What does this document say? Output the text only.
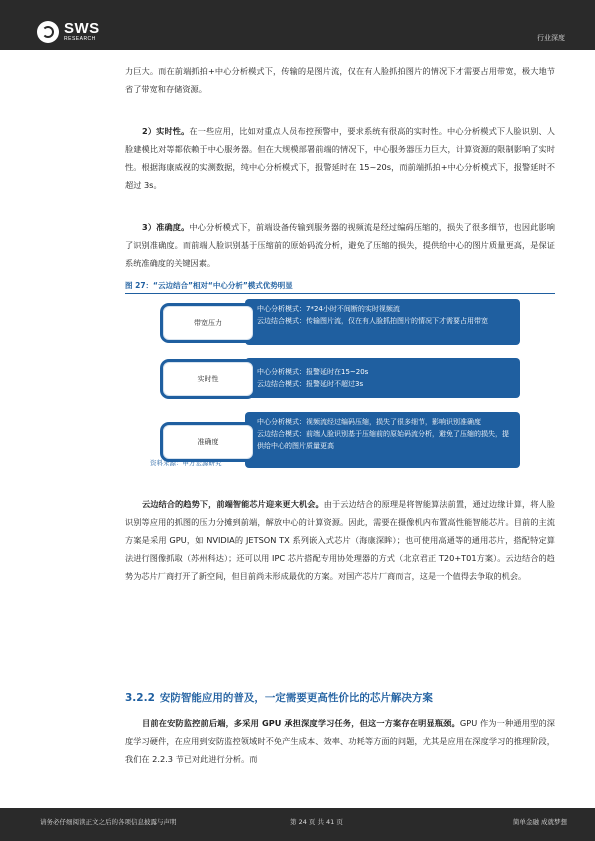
SWS
RESEARCH	行业深度

力巨大。而在前端抓拍+中心分析模式下，传输的是图片流，仅在有人脸抓拍图片的情况下才需要占用带宽，极大地节省了带宽和存储资源。

2）实时性。在一些应用，比如对重点人员布控预警中，要求系统有很高的实时性。中心分析模式下人脸识别、人脸建模比对等都依赖于中心服务器。但在大规模部署前端的情况下，中心服务器压力巨大，计算资源的限制影响了实时性。根据海康威视的实测数据，纯中心分析模式下，报警延时在 15~20s，而前端抓拍+中心分析模式下，报警延时不超过 3s。

3）准确度。中心分析模式下，前端设备传输到服务器的视频流是经过编码压缩的，损失了很多细节，也因此影响了识别准确度。而前端人脸识别基于压缩前的原始码流分析，避免了压缩的损失，提供给中心的图片质量更高，是保证系统准确度的关键因素。

图 27：“云边结合”相对“中心分析”模式优势明显
中心分析模式：7*24小时不间断的实时视频流
云边结合模式：传输图片流，仅在有人脸抓拍图片的情况下才需要占用带宽
带宽压力
中心分析模式：报警延时在15~20s
云边结合模式：报警延时不超过3s
实时性
中心分析模式：视频流经过编码压缩，损失了很多细节，影响识别准确度
云边结合模式：前端人脸识别基于压缩前的原始码流分析，避免了压缩的损失，提供给中心的图片质量更高
准确度
资料来源：申万宏源研究

云边结合的趋势下，前端智能芯片迎来更大机会。由于云边结合的原理是将智能算法前置，通过边缘计算，将人脸识别等应用的抓图的压力分摊到前端，解放中心的计算资源。因此，需要在摄像机内布置高性能智能芯片。目前的主流方案是采用 GPU，如 NVIDIA的 JETSON TX 系列嵌入式芯片（海康深眸）；也可使用高通等的通用芯片，搭配特定算法进行图像抓取（苏州科达）；还可以用 IPC 芯片搭配专用协处理器的方式（北京君正 T20+T01方案）。云边结合的趋势为芯片厂商打开了新空间，但目前尚未形成最优的方案。对国产芯片厂商而言，这是一个值得去争取的机会。

3.2.2 安防智能应用的普及，一定需要更高性价比的芯片解决方案

目前在安防监控前后端，多采用 GPU 承担深度学习任务，但这一方案存在明显瓶颈。GPU 作为一种通用型的深度学习硬件，在应用到安防监控领域时不免产生成本、效率、功耗等方面的问题，尤其是应用在深度学习的推理阶段，我们在 2.2.3 节已对此进行分析。而

请务必仔细阅读正文之后的各项信息披露与声明	第 24 页 共 41 页	简单金融 成就梦想
